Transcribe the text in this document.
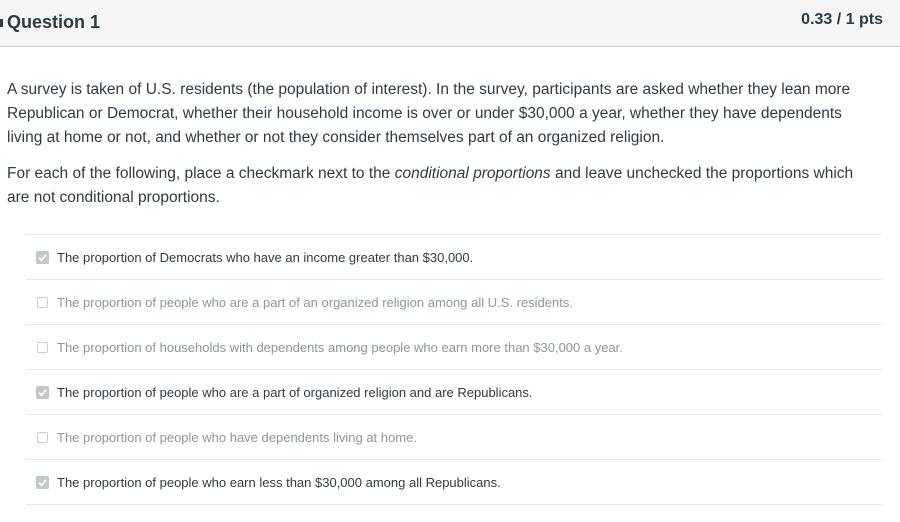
Question 1	0.33 / 1 pts

A survey is taken of U.S. residents (the population of interest). In the survey, participants are asked whether they lean more Republican or Democrat, whether their household income is over or under $30,000 a year, whether they have dependents living at home or not, and whether or not they consider themselves part of an organized religion.

For each of the following, place a checkmark next to the conditional proportions and leave unchecked the proportions which are not conditional proportions.

The proportion of Democrats who have an income greater than $30,000.
The proportion of people who are a part of an organized religion among all U.S. residents.
The proportion of households with dependents among people who earn more than $30,000 a year.
The proportion of people who are a part of organized religion and are Republicans.
The proportion of people who have dependents living at home.
The proportion of people who earn less than $30,000 among all Republicans.
